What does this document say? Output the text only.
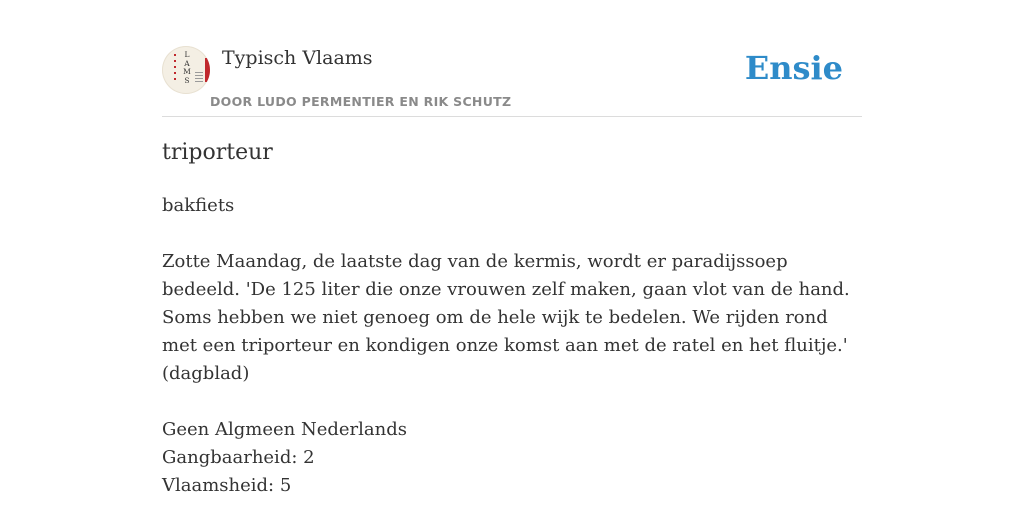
L
A
M
S
Typisch Vlaams
DOOR LUDO PERMENTIER EN RIK SCHUTZ
Ensie
triporteur

bakfiets

Zotte Maandag, de laatste dag van de kermis, wordt er paradijssoep bedeeld. 'De 125 liter die onze vrouwen zelf maken, gaan vlot van de hand. Soms hebben we niet genoeg om de hele wijk te bedelen. We rijden rond met een triporteur en kondigen onze komst aan met de ratel en het fluitje.'

(dagblad)

Geen Algmeen Nederlands

Gangbaarheid: 2

Vlaamsheid: 5
